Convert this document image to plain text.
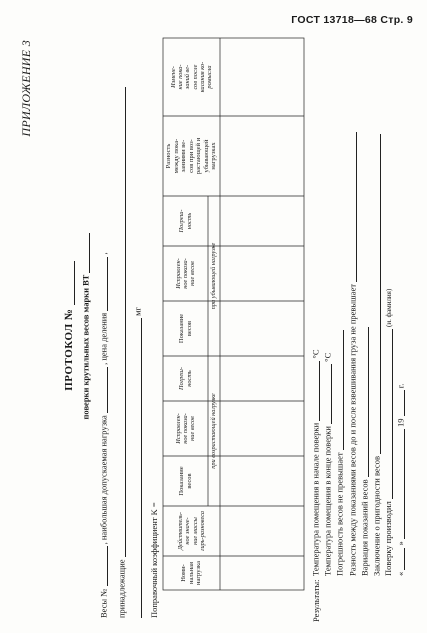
ГОСТ 13718—68 Стр. 9
ПРИЛОЖЕНИЕ 3
ПРОТОКОЛ № поверки крутильных весов марки ВТ
Весы №  , наибольшая допускаемая нагрузка  , цена деления  ,
принадлежащие
мг
Поправочный коэффициент K =	Номи-
нальная
нагрузка
Действитель-
ное значе-
ние массы
гирь-разновеса
Показание
весов
Исправлен-
ное показа-
ние весов
Погреш-
ность
Показание
весов
Исправлен-
ное показа-
ние весов
Погреш-
ность
Разность
между пока-
заниями ве-
сов при воз-
растающей и
убывающей
нагрузках
Измене-
ние пока-
заний ве-
сов после
касания ко-
ромысла
при возрастающей нагрузке
при убывающей нагрузке
Результаты:
Температура помещения в начале поверки  °С
Температура помещения в конце поверки  °С
Погрешность весов не превышает Разность между показаниями весов до и после взвешивания груза не превышает Вариация показаний весов Заключение о пригодности весов Поверку производил  (и. фамилия)
«  »  19  г.
